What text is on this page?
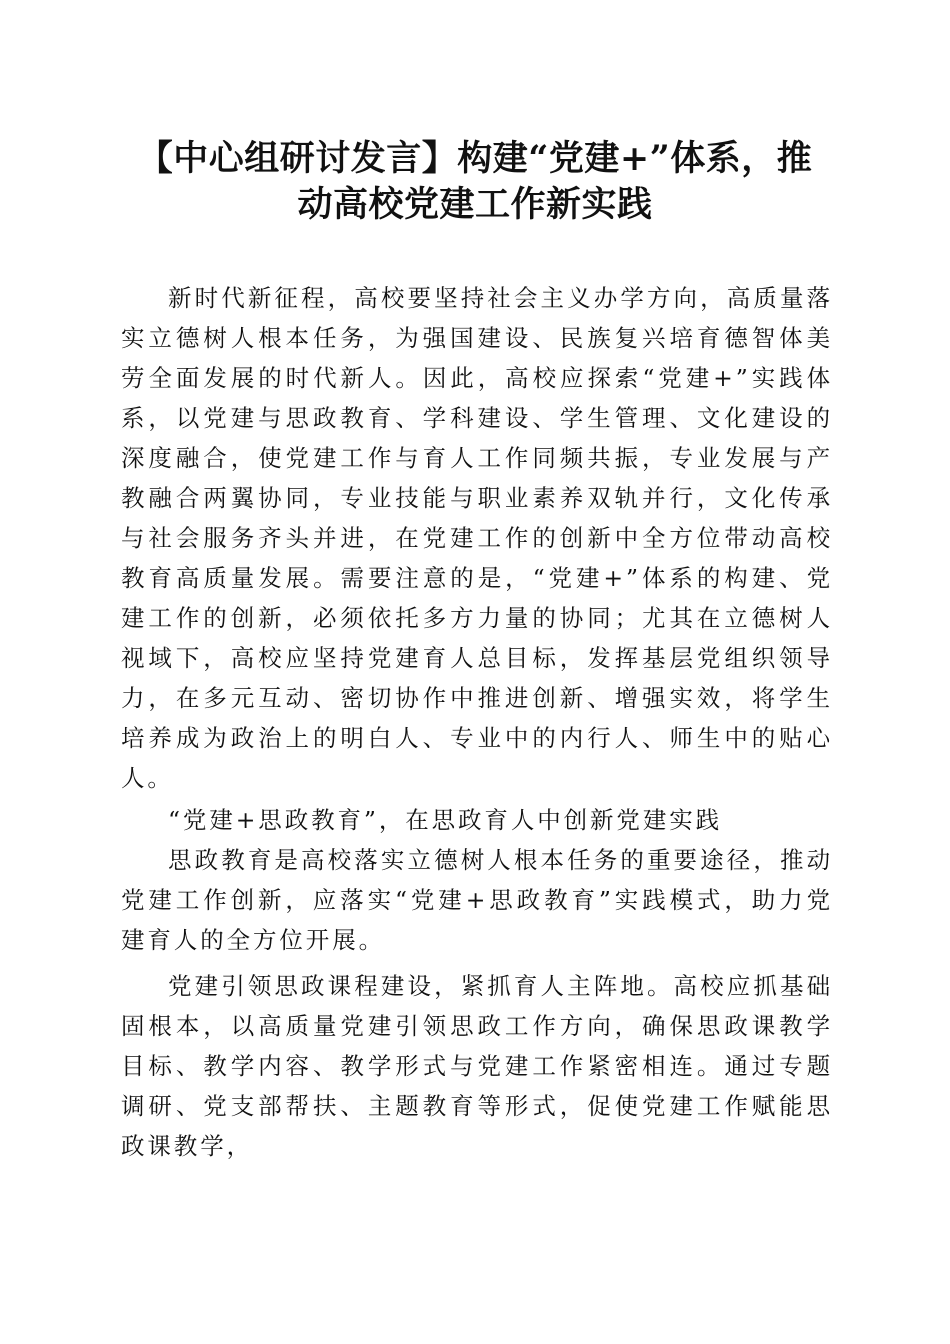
【中心组研讨发言】构建“党建+”体系，推
动高校党建工作新实践

新时代新征程，高校要坚持社会主义办学方向，高质量落实立德树人根本任务，为强国建设、民族复兴培育德智体美劳全面发展的时代新人。因此，高校应探索“党建+”实践体系，以党建与思政教育、学科建设、学生管理、文化建设的深度融合，使党建工作与育人工作同频共振，专业发展与产教融合两翼协同，专业技能与职业素养双轨并行，文化传承与社会服务齐头并进，在党建工作的创新中全方位带动高校教育高质量发展。需要注意的是，“党建+”体系的构建、党建工作的创新，必须依托多方力量的协同；尤其在立德树人视域下，高校应坚持党建育人总目标，发挥基层党组织领导力，在多元互动、密切协作中推进创新、增强实效，将学生培养成为政治上的明白人、专业中的内行人、师生中的贴心人。

“党建+思政教育”，在思政育人中创新党建实践

思政教育是高校落实立德树人根本任务的重要途径，推动党建工作创新，应落实“党建+思政教育”实践模式，助力党建育人的全方位开展。

党建引领思政课程建设，紧抓育人主阵地。高校应抓基础固根本，以高质量党建引领思政工作方向，确保思政课教学目标、教学内容、教学形式与党建工作紧密相连。通过专题调研、党支部帮扶、主题教育等形式，促使党建工作赋能思政课教学，
